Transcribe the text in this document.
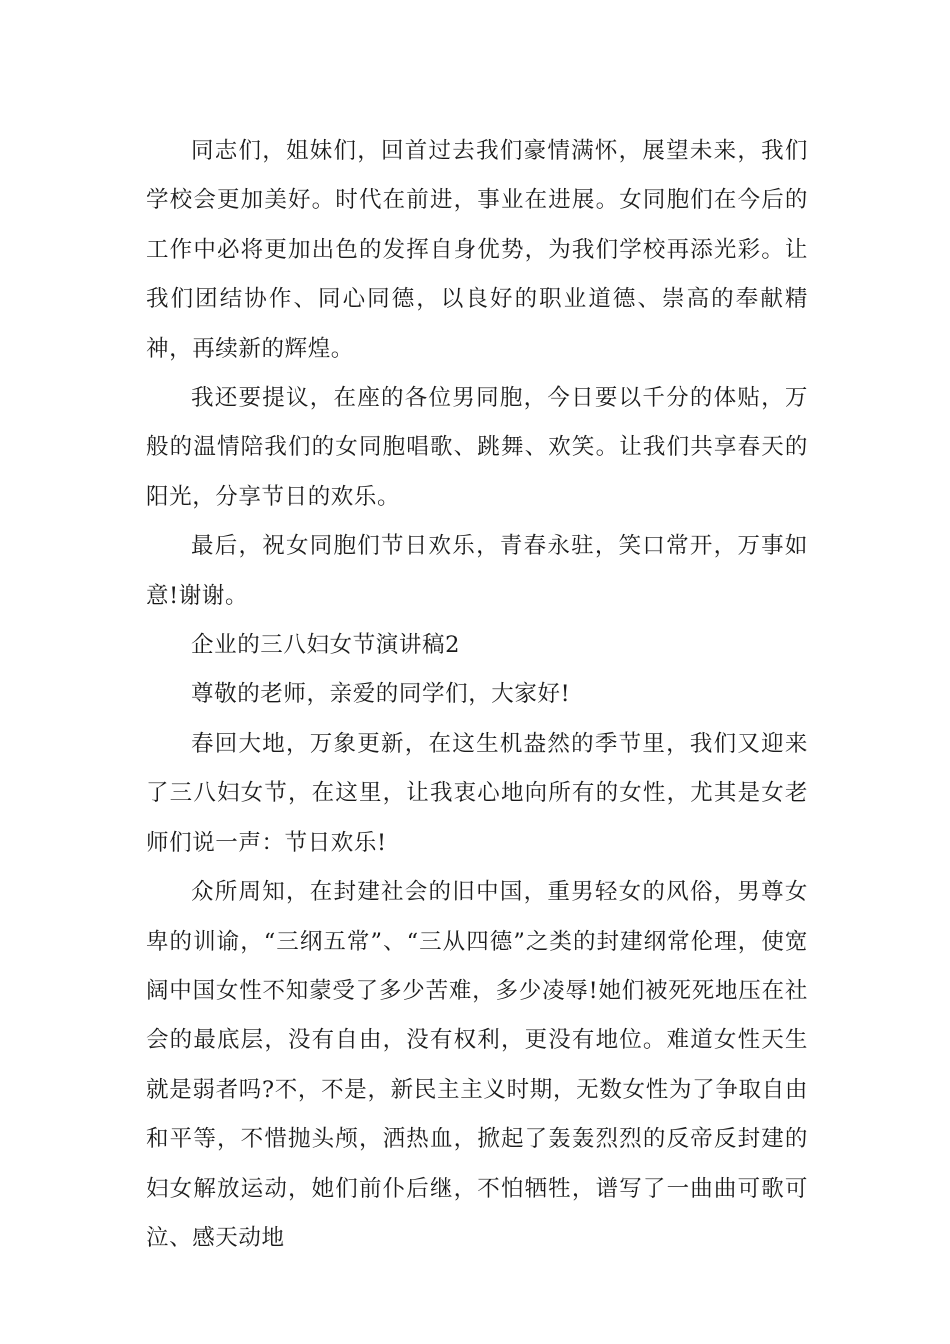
同志们，姐妹们，回首过去我们豪情满怀，展望未来，我们学校会更加美好。时代在前进，事业在进展。女同胞们在今后的工作中必将更加出色的发挥自身优势，为我们学校再添光彩。让我们团结协作、同心同德，以良好的职业道德、崇高的奉献精神，再续新的辉煌。

我还要提议，在座的各位男同胞，今日要以千分的体贴，万般的温情陪我们的女同胞唱歌、跳舞、欢笑。让我们共享春天的阳光，分享节日的欢乐。

最后，祝女同胞们节日欢乐，青春永驻，笑口常开，万事如意!谢谢。

企业的三八妇女节演讲稿2

尊敬的老师，亲爱的同学们，大家好!

春回大地，万象更新，在这生机盎然的季节里，我们又迎来了三八妇女节，在这里，让我衷心地向所有的女性，尤其是女老师们说一声：节日欢乐!

众所周知，在封建社会的旧中国，重男轻女的风俗，男尊女卑的训谕，“三纲五常”、“三从四德”之类的封建纲常伦理，使宽阔中国女性不知蒙受了多少苦难，多少凌辱!她们被死死地压在社会的最底层，没有自由，没有权利，更没有地位。难道女性天生就是弱者吗?不，不是，新民主主义时期，无数女性为了争取自由和平等，不惜抛头颅，洒热血，掀起了轰轰烈烈的反帝反封建的妇女解放运动，她们前仆后继，不怕牺牲，谱写了一曲曲可歌可泣、感天动地
